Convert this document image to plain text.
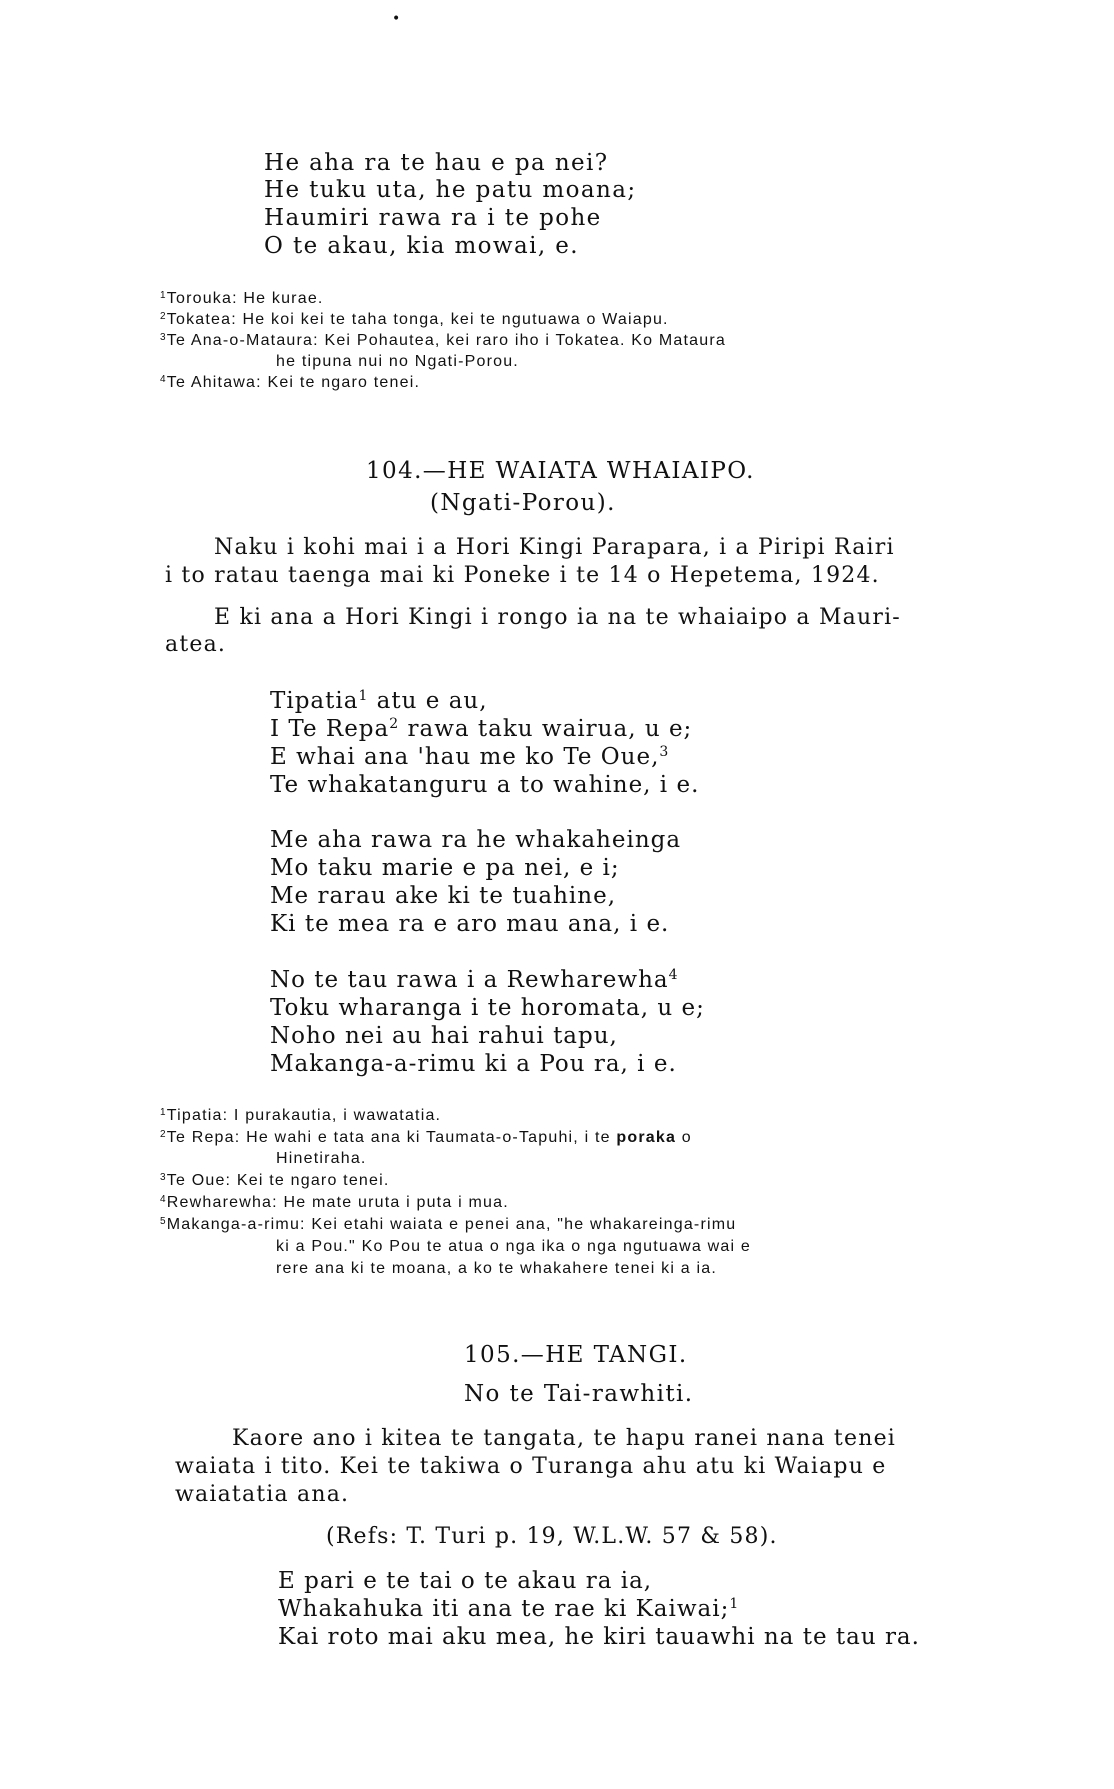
•
He aha ra te hau e pa nei?
He tuku uta, he patu moana;
Haumiri rawa ra i te pohe
O te akau, kia mowai, e.
$^1$Torouka: He kurae.
$^2$Tokatea: He koi kei te taha tonga, kei te ngutuawa o Waiapu.
$^3$Te Ana-o-Mataura: Kei Pohautea, kei raro iho i Tokatea. Ko Mataura
he tipuna nui no Ngati-Porou.
$^4$Te Ahitawa: Kei te ngaro tenei.
104.—HE WAIATA WHAIAIPO.
(Ngati-Porou).
Naku i kohi mai i a Hori Kingi Parapara, i a Piripi Rairi
i to ratau taenga mai ki Poneke i te 14 o Hepetema, 1924.
E ki ana a Hori Kingi i rongo ia na te whaiaipo a Mauri-
atea.
Tipatia$^1$ atu e au,
I Te Repa$^2$ rawa taku wairua, u e;
E whai ana 'hau me ko Te Oue,$^3$
Te whakatanguru a to wahine, i e.
Me aha rawa ra he whakaheinga
Mo taku marie e pa nei, e i;
Me rarau ake ki te tuahine,
Ki te mea ra e aro mau ana, i e.
No te tau rawa i a Rewharewha$^4$
Toku wharanga i te horomata, u e;
Noho nei au hai rahui tapu,
Makanga-a-rimu ki a Pou ra, i e.
$^1$Tipatia: I purakautia, i wawatatia.
$^2$Te Repa: He wahi e tata ana ki Taumata-o-Tapuhi, i te poraka o
Hinetiraha.
$^3$Te Oue: Kei te ngaro tenei.
$^4$Rewharewha: He mate uruta i puta i mua.
$^5$Makanga-a-rimu: Kei etahi waiata e penei ana, "he whakareinga-rimu
ki a Pou." Ko Pou te atua o nga ika o nga ngutuawa wai e
rere ana ki te moana, a ko te whakahere tenei ki a ia.
105.—HE TANGI.
No te Tai-rawhiti.
Kaore ano i kitea te tangata, te hapu ranei nana tenei
waiata i tito. Kei te takiwa o Turanga ahu atu ki Waiapu e
waiatatia ana.
(Refs: T. Turi p. 19, W.L.W. 57 & 58).
E pari e te tai o te akau ra ia,
Whakahuka iti ana te rae ki Kaiwai;$^1$
Kai roto mai aku mea, he kiri tauawhi na te tau ra.
